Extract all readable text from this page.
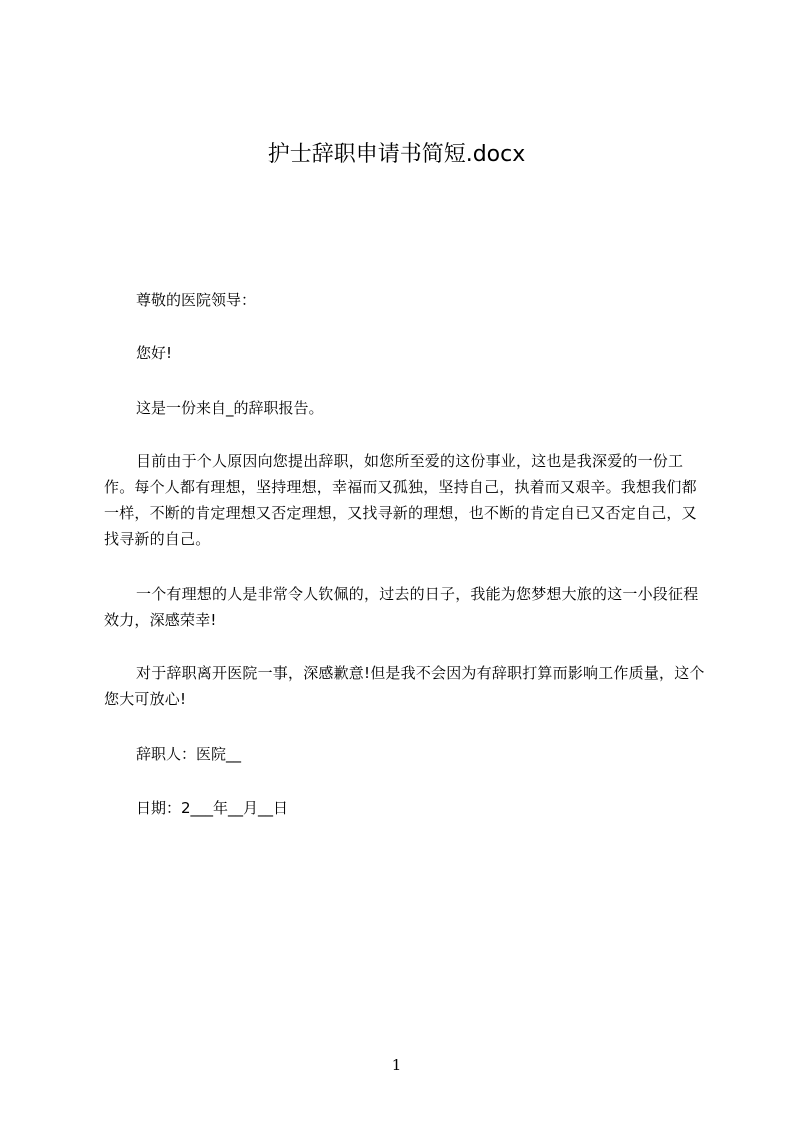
护士辞职申请书简短.docx
尊敬的医院领导：
您好!
这是一份来自_的辞职报告。
目前由于个人原因向您提出辞职，如您所至爱的这份事业，这也是我深爱的一份工作。每个人都有理想，坚持理想，幸福而又孤独，坚持自己，执着而又艰辛。我想我们都一样，不断的肯定理想又否定理想，又找寻新的理想，也不断的肯定自已又否定自己，又找寻新的自己。
一个有理想的人是非常令人钦佩的，过去的日子，我能为您梦想大旅的这一小段征程效力，深感荣幸!
对于辞职离开医院一事，深感歉意!但是我不会因为有辞职打算而影响工作质量，这个您大可放心!
辞职人：医院__
日期：2___年__月__日
1
